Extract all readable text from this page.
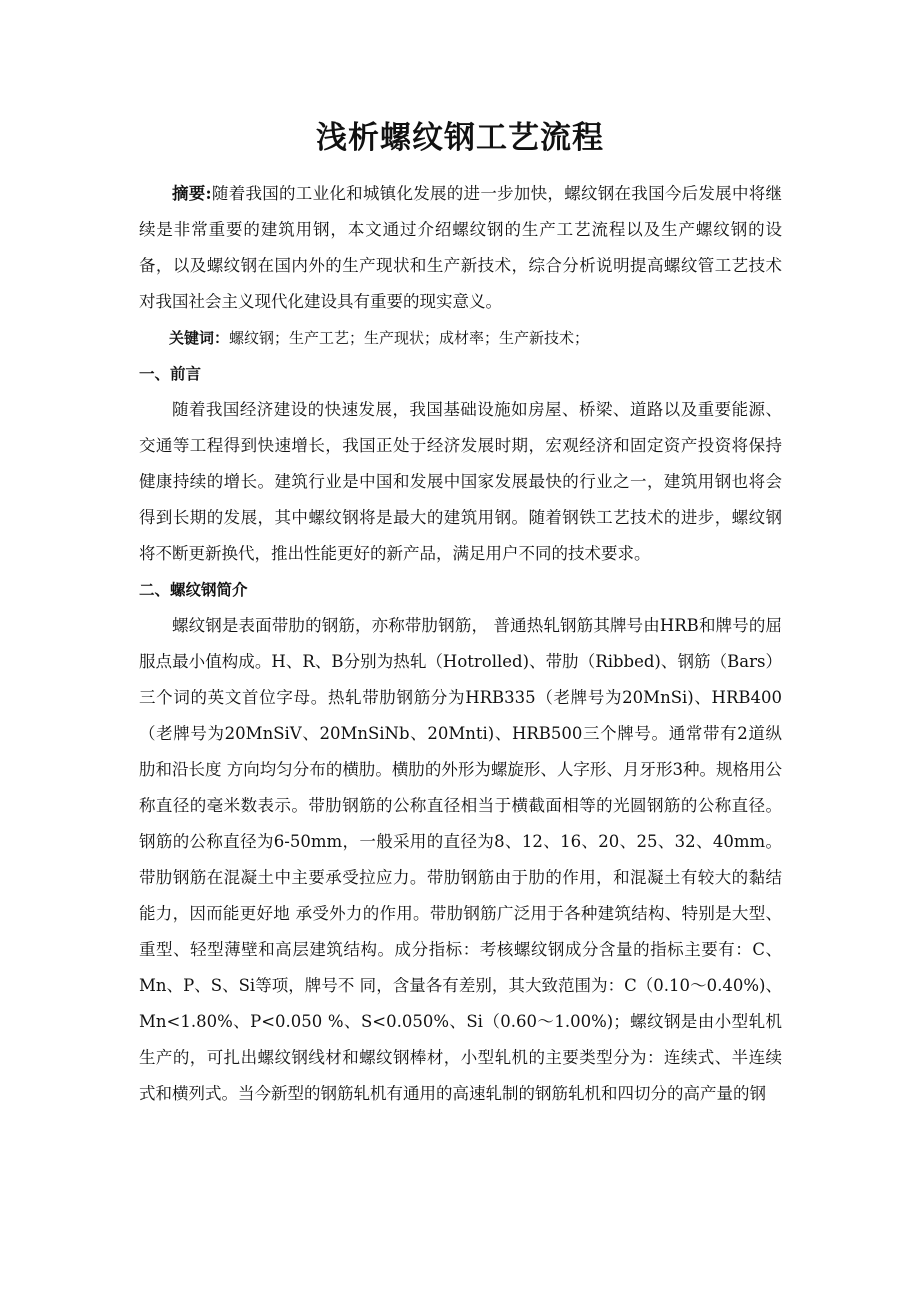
浅析螺纹钢工艺流程

摘要:随着我国的工业化和城镇化发展的进一步加快，螺纹钢在我国今后发展中将继续是非常重要的建筑用钢，本文通过介绍螺纹钢的生产工艺流程以及生产螺纹钢的设备，以及螺纹钢在国内外的生产现状和生产新技术，综合分析说明提高螺纹管工艺技术对我国社会主义现代化建设具有重要的现实意义。

关键词：螺纹钢；生产工艺；生产现状；成材率；生产新技术；

一、前言

随着我国经济建设的快速发展，我国基础设施如房屋、桥梁、道路以及重要能源、交通等工程得到快速增长，我国正处于经济发展时期，宏观经济和固定资产投资将保持健康持续的增长。建筑行业是中国和发展中国家发展最快的行业之一，建筑用钢也将会得到长期的发展，其中螺纹钢将是最大的建筑用钢。随着钢铁工艺技术的进步，螺纹钢将不断更新换代，推出性能更好的新产品，满足用户不同的技术要求。

二、螺纹钢简介

螺纹钢是表面带肋的钢筋，亦称带肋钢筋， 普通热轧钢筋其牌号由HRB和牌号的屈服点最小值构成。H、R、B分别为热轧（Hotrolled)、带肋（Ribbed)、钢筋（Bars）三个词的英文首位字母。热轧带肋钢筋分为HRB335（老牌号为20MnSi)、HRB400（老牌号为20MnSiV、20MnSiNb、20Mnti)、HRB500三个牌号。通常带有2道纵肋和沿长度 方向均匀分布的横肋。横肋的外形为螺旋形、人字形、月牙形3种。规格用公称直径的毫米数表示。带肋钢筋的公称直径相当于横截面相等的光圆钢筋的公称直径。钢筋的公称直径为6-50mm，一般采用的直径为8、12、16、20、25、32、40mm。带肋钢筋在混凝土中主要承受拉应力。带肋钢筋由于肋的作用，和混凝土有较大的黏结能力，因而能更好地 承受外力的作用。带肋钢筋广泛用于各种建筑结构、特别是大型、重型、轻型薄壁和高层建筑结构。成分指标：考核螺纹钢成分含量的指标主要有：C、Mn、P、S、Si等项，牌号不 同，含量各有差别，其大致范围为：C（0.10～0.40%)、Mn<1.80%、P<0.050 %、S<0.050%、Si（0.60～1.00%)；螺纹钢是由小型轧机生产的，可扎出螺纹钢线材和螺纹钢棒材，小型轧机的主要类型分为：连续式、半连续式和横列式。当今新型的钢筋轧机有通用的高速轧制的钢筋轧机和四切分的高产量的钢
